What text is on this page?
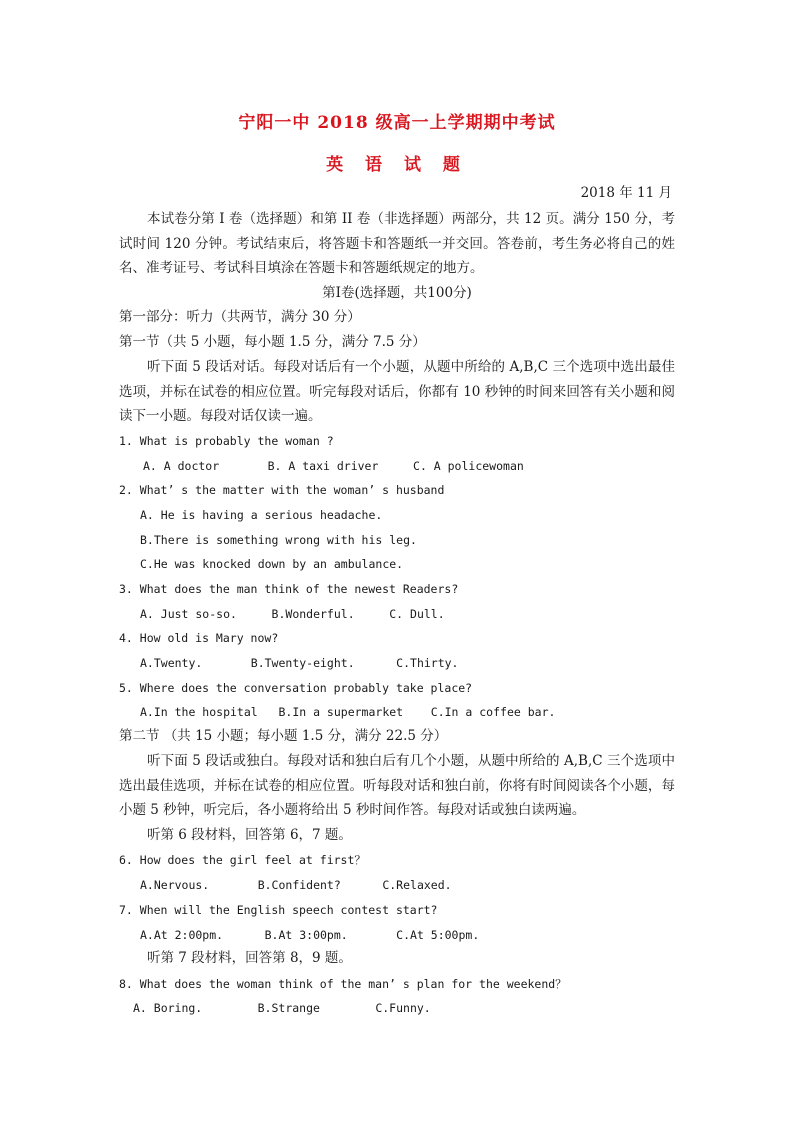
宁阳一中 2018 级高一上学期期中考试
英 语 试 题
2018 年 11 月
本试卷分第 I 卷（选择题）和第 II 卷（非选择题）两部分，共 12 页。满分 150 分，考试时间 120 分钟。考试结束后，将答题卡和答题纸一并交回。答卷前，考生务必将自己的姓名、准考证号、考试科目填涂在答题卡和答题纸规定的地方。
第Ⅰ卷(选择题，共100分)
第一部分：听力（共两节，满分 30 分）
第一节（共 5 小题，每小题 1.5 分，满分 7.5 分）
听下面 5 段话对话。每段对话后有一个小题，从题中所给的 A,B,C 三个选项中选出最佳选项，并标在试卷的相应位置。听完每段对话后，你都有 10 秒钟的时间来回答有关小题和阅读下一小题。每段对话仅读一遍。
1. What is probably the woman ?
A. A doctor       B. A taxi driver     C. A policewoman
2. What’ s the matter with the woman’ s husband
A. He is having a serious headache.
B.There is something wrong with his leg.
C.He was knocked down by an ambulance.
3. What does the man think of the newest Readers?
A. Just so-so.     B.Wonderful.     C. Dull.
4. How old is Mary now?
A.Twenty.       B.Twenty-eight.      C.Thirty.
5. Where does the conversation probably take place?
A.In the hospital   B.In a supermarket    C.In a coffee bar.
第二节 （共 15 小题；每小题 1.5 分，满分 22.5 分）
听下面 5 段话或独白。每段对话和独白后有几个小题，从题中所给的 A,B,C 三个选项中选出最佳选项，并标在试卷的相应位置。听每段对话和独白前，你将有时间阅读各个小题，每小题 5 秒钟，听完后，各小题将给出 5 秒时间作答。每段对话或独白读两遍。
听第 6 段材料，回答第 6，7 题。
6. How does the girl feel at first？
A.Nervous.       B.Confident?      C.Relaxed.
7. When will the English speech contest start?
A.At 2:00pm.      B.At 3:00pm.       C.At 5:00pm.
听第 7 段材料，回答第 8，9 题。
8. What does the woman think of the man’ s plan for the weekend？
A. Boring.        B.Strange        C.Funny.
